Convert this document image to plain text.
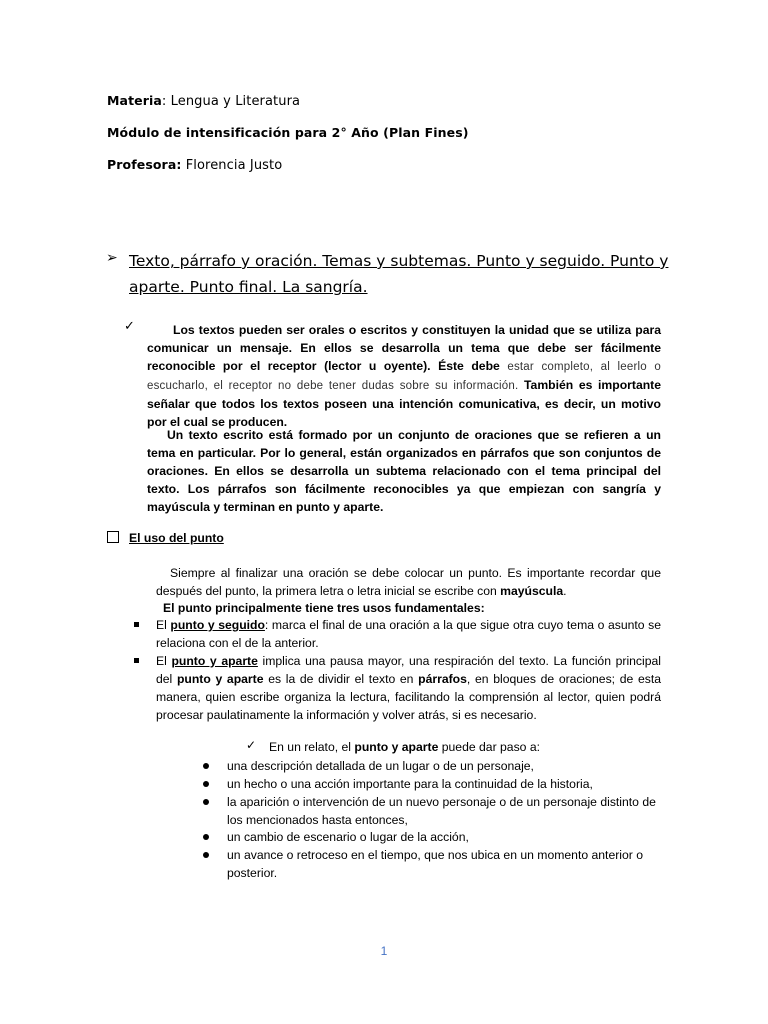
Materia: Lengua y Literatura
Módulo de intensificación para 2° Año (Plan Fines)
Profesora: Florencia Justo
➢ Texto, párrafo y oración. Temas y subtemas. Punto y seguido. Punto y aparte. Punto final. La sangría.
✓	Los textos pueden ser orales o escritos y constituyen la unidad que se utiliza para comunicar un mensaje. En ellos se desarrolla un tema que debe ser fácilmente reconocible por el receptor (lector u oyente). Éste debe estar completo, al leerlo o escucharlo, el receptor no debe tener dudas sobre su información. También es importante señalar que todos los textos poseen una intención comunicativa, es decir, un motivo por el cual se producen.
Un texto escrito está formado por un conjunto de oraciones que se refieren a un tema en particular. Por lo general, están organizados en párrafos que son conjuntos de oraciones. En ellos se desarrolla un subtema relacionado con el tema principal del texto. Los párrafos son fácilmente reconocibles ya que empiezan con sangría y mayúscula y terminan en punto y aparte.
El uso del punto
Siempre al finalizar una oración se debe colocar un punto. Es importante recordar que después del punto, la primera letra o letra inicial se escribe con mayúscula.
El punto principalmente tiene tres usos fundamentales:
El punto y seguido: marca el final de una oración a la que sigue otra cuyo tema o asunto se relaciona con el de la anterior.
El punto y aparte implica una pausa mayor, una respiración del texto. La función principal del punto y aparte es la de dividir el texto en párrafos, en bloques de oraciones; de esta manera, quien escribe organiza la lectura, facilitando la comprensión al lector, quien podrá procesar paulatinamente la información y volver atrás, si es necesario.
✓ En un relato, el punto y aparte puede dar paso a:
una descripción detallada de un lugar o de un personaje,
un hecho o una acción importante para la continuidad de la historia,
la aparición o intervención de un nuevo personaje o de un personaje distinto de los mencionados hasta entonces,
un cambio de escenario o lugar de la acción,
un avance o retroceso en el tiempo, que nos ubica en un momento anterior o posterior.
1
